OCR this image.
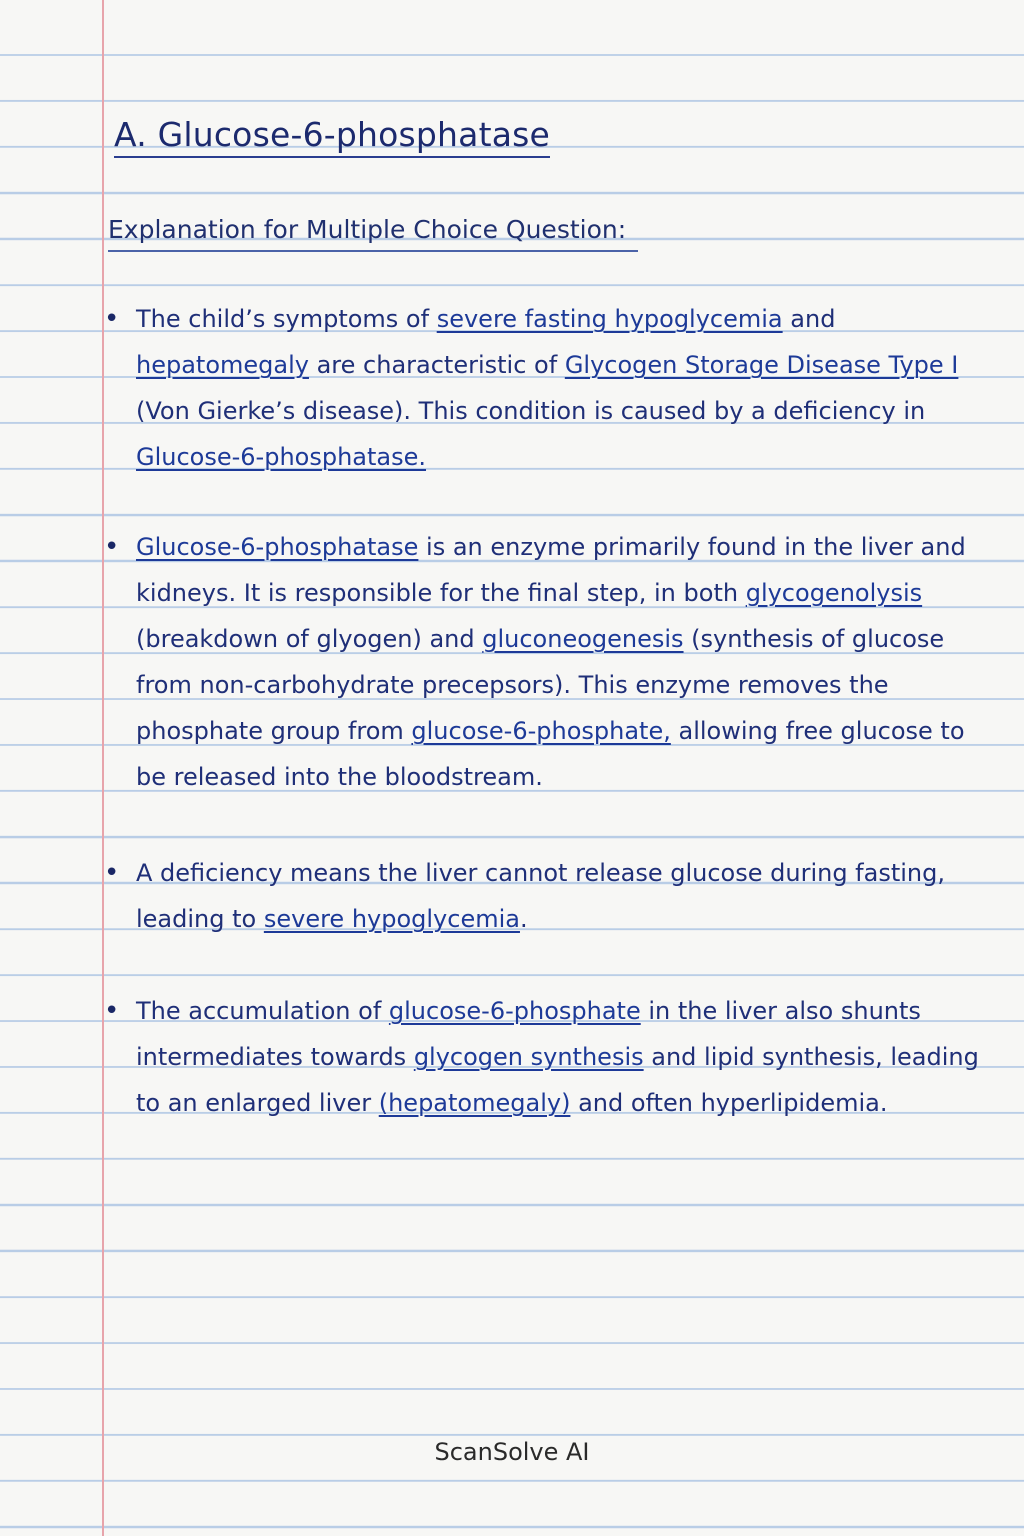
A. Glucose-6-phosphatase
Explanation for Multiple Choice Question:
• The child’s symptoms of severe fasting hypoglycemia and hepatomegaly are characteristic of Glycogen Storage Disease Type I (Von Gierke’s disease). This condition is caused by a deficiency in Glucose-6-phosphatase.
• Glucose-6-phosphatase is an enzyme primarily found in the liver and kidneys. It is responsible for the final step, in both glycogenolysis (breakdown of glyogen) and gluconeogenesis (synthesis of glucose from non-carbohydrate precepsors). This enzyme removes the phosphate group from glucose-6-phosphate, allowing free glucose to be released into the bloodstream.
• A deficiency means the liver cannot release glucose during fasting, leading to severe hypoglycemia.
• The accumulation of glucose-6-phosphate in the liver also shunts intermediates towards glycogen synthesis and lipid synthesis, leading to an enlarged liver (hepatomegaly) and often hyperlipidemia.
ScanSolve AI
